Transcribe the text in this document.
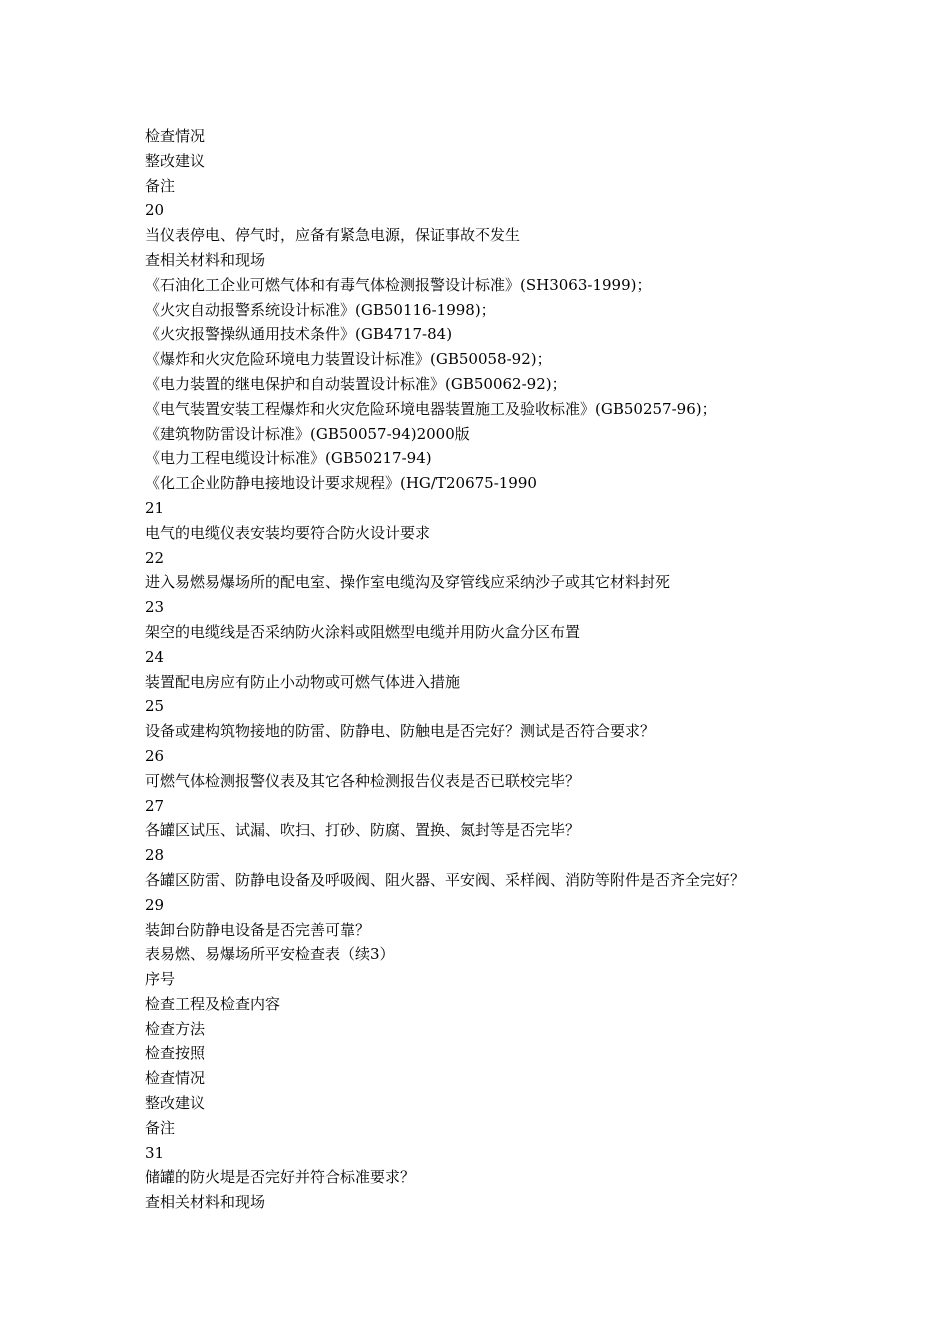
检查情况
整改建议
备注
20
当仪表停电、停气时，应备有紧急电源，保证事故不发生
查相关材料和现场
《石油化工企业可燃气体和有毒气体检测报警设计标准》(SH3063-1999)；
《火灾自动报警系统设计标准》(GB50116-1998)；
《火灾报警操纵通用技术条件》(GB4717-84)
《爆炸和火灾危险环境电力装置设计标准》(GB50058-92)；
《电力装置的继电保护和自动装置设计标准》(GB50062-92)；
《电气装置安装工程爆炸和火灾危险环境电器装置施工及验收标准》(GB50257-96)；
《建筑物防雷设计标准》(GB50057-94)2000版
《电力工程电缆设计标准》(GB50217-94)
《化工企业防静电接地设计要求规程》(HG/T20675-1990
21
电气的电缆仪表安装均要符合防火设计要求
22
进入易燃易爆场所的配电室、操作室电缆沟及穿管线应采纳沙子或其它材料封死
23
架空的电缆线是否采纳防火涂料或阻燃型电缆并用防火盒分区布置
24
装置配电房应有防止小动物或可燃气体进入措施
25
设备或建构筑物接地的防雷、防静电、防触电是否完好？测试是否符合要求？
26
可燃气体检测报警仪表及其它各种检测报告仪表是否已联校完毕？
27
各罐区试压、试漏、吹扫、打砂、防腐、置换、氮封等是否完毕？
28
各罐区防雷、防静电设备及呼吸阀、阻火器、平安阀、采样阀、消防等附件是否齐全完好？
29
装卸台防静电设备是否完善可靠？
表易燃、易爆场所平安检查表（续3）
序号
检查工程及检查内容
检查方法
检查按照
检查情况
整改建议
备注
31
储罐的防火堤是否完好并符合标准要求？
查相关材料和现场
